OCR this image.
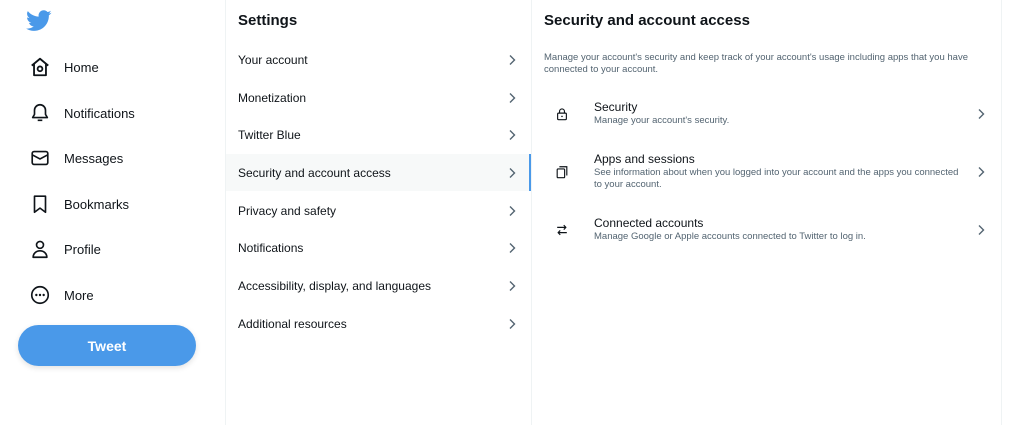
Home
Notifications
Messages
Bookmarks
Profile
More
Tweet
Settings
Your account
Monetization
Twitter Blue
Security and account access
Privacy and safety
Notifications
Accessibility, display, and languages
Additional resources
Security and account access
Manage your account's security and keep track of your account's usage including apps that you have connected to your account.
Security
Manage your account's security.
Apps and sessions
See information about when you logged into your account and the apps you connected to your account.
Connected accounts
Manage Google or Apple accounts connected to Twitter to log in.
